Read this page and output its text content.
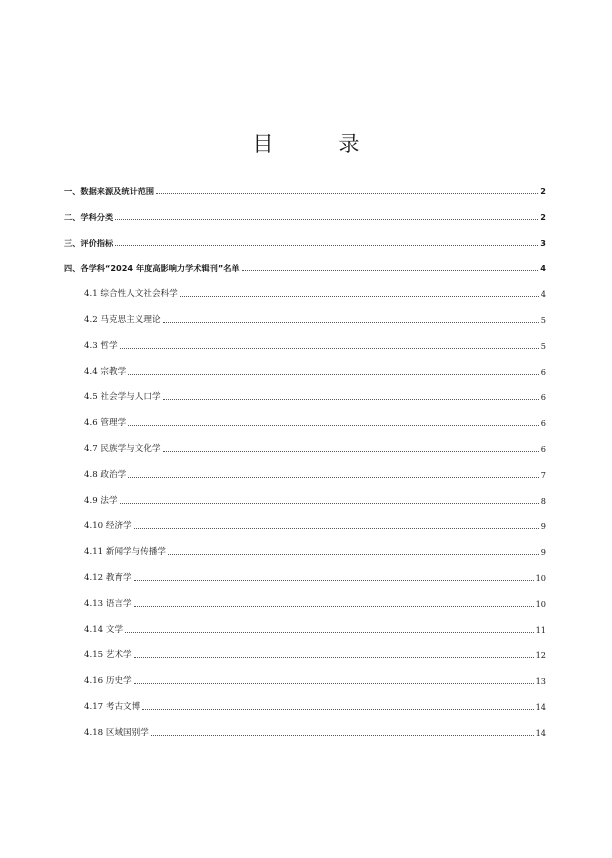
目　录
一、数据来源及统计范围	2
二、学科分类	2
三、评价指标	3
四、各学科“2024 年度高影响力学术辑刊”名单	4
4.1 综合性人文社会科学	4
4.2 马克思主义理论	5
4.3 哲学	5
4.4 宗教学	6
4.5 社会学与人口学	6
4.6 管理学	6
4.7 民族学与文化学	6
4.8 政治学	7
4.9 法学	8
4.10 经济学	9
4.11 新闻学与传播学	9
4.12 教育学	10
4.13 语言学	10
4.14 文学	11
4.15 艺术学	12
4.16 历史学	13
4.17 考古文博	14
4.18 区域国别学	14
